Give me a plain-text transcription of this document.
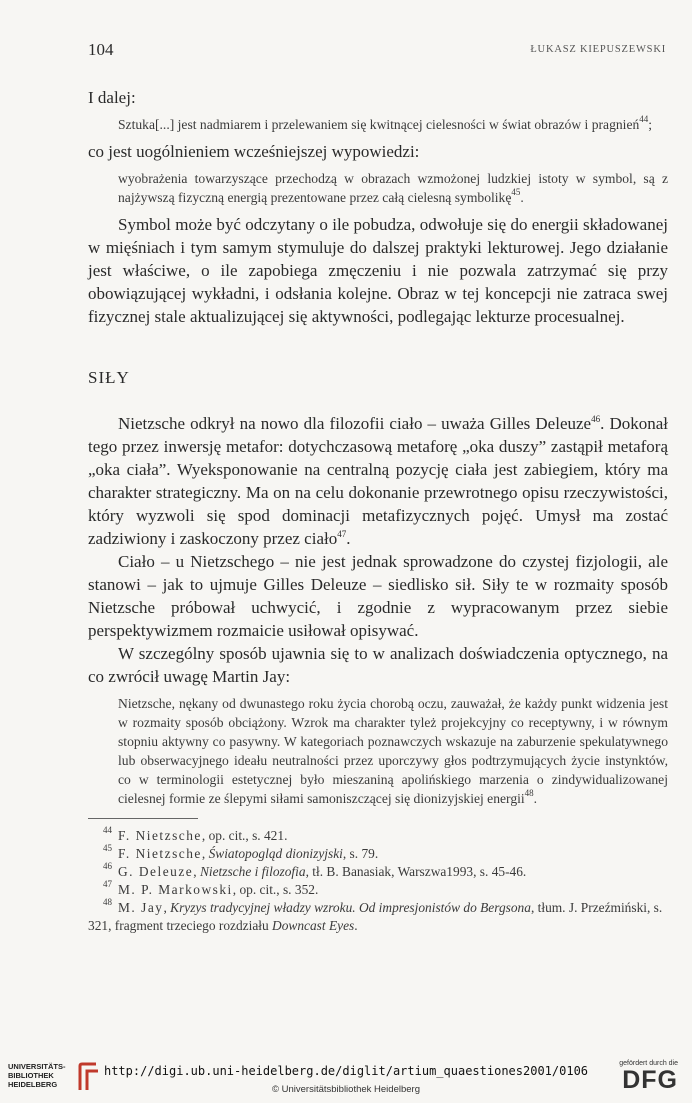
104	ŁUKASZ KIEPUSZEWSKI

I dalej:

Sztuka[...] jest nadmiarem i przelewaniem się kwitnącej cielesności w świat obrazów i pragnień$^{44}$;

co jest uogólnieniem wcześniejszej wypowiedzi:

wyobrażenia towarzyszące przechodzą w obrazach wzmożonej ludzkiej istoty w symbol, są z najżywszą fizyczną energią prezentowane przez całą cielesną symbolikę$^{45}$.

Symbol może być odczytany o ile pobudza, odwołuje się do energii składowanej w mięśniach i tym samym stymuluje do dalszej praktyki lekturowej. Jego działanie jest właściwe, o ile zapobiega zmęczeniu i nie pozwala zatrzymać się przy obowiązującej wykładni, i odsłania kolejne. Obraz w tej koncepcji nie zatraca swej fizycznej stale aktualizującej się aktywności, podlegając lekturze procesualnej.

SIŁY

Nietzsche odkrył na nowo dla filozofii ciało – uważa Gilles Deleuze$^{46}$. Dokonał tego przez inwersję metafor: dotychczasową metaforę „oka duszy” zastąpił metaforą „oka ciała”. Wyeksponowanie na centralną pozycję ciała jest zabiegiem, który ma charakter strategiczny. Ma on na celu dokonanie przewrotnego opisu rzeczywistości, który wyzwoli się spod dominacji metafizycznych pojęć. Umysł ma zostać zadziwiony i zaskoczony przez ciało$^{47}$.

Ciało – u Nietzschego – nie jest jednak sprowadzone do czystej fizjologii, ale stanowi – jak to ujmuje Gilles Deleuze – siedlisko sił. Siły te w rozmaity sposób Nietzsche próbował uchwycić, i zgodnie z wypracowanym przez siebie perspektywizmem rozmaicie usiłował opisywać.

W szczególny sposób ujawnia się to w analizach doświadczenia optycznego, na co zwrócił uwagę Martin Jay:

Nietzsche, nękany od dwunastego roku życia chorobą oczu, zauważał, że każdy punkt widzenia jest w rozmaity sposób obciążony. Wzrok ma charakter tyleż projekcyjny co receptywny, i w równym stopniu aktywny co pasywny. W kategoriach poznawczych wskazuje na zaburzenie spekulatywnego lub obserwacyjnego ideału neutralności przez uporczywy głos podtrzymujących życie instynktów, co w terminologii estetycznej było mieszaniną apolińskiego marzenia o zindywidualizowanej cielesnej formie ze ślepymi siłami samoniszczącej się dionizyjskiej energii$^{48}$.

$^{44}$ F. Nietzsche, op. cit., s. 421.
$^{45}$ F. Nietzsche, Światopogląd dionizyjski, s. 79.
$^{46}$ G. Deleuze, Nietzsche i filozofia, tł. B. Banasiak, Warszwa1993, s. 45-46.
$^{47}$ M. P. Markowski, op. cit., s. 352.
$^{48}$ M. Jay, Kryzys tradycyjnej władzy wzroku. Od impresjonistów do Bergsona, tłum. J. Przeźmiński, s. 321, fragment trzeciego rozdziału Downcast Eyes.
UNIVERSITÄTS-
BIBLIOTHEK
HEIDELBERG
http://digi.ub.uni-heidelberg.de/diglit/artium_quaestiones2001/0106
© Universitätsbibliothek Heidelberg
gefördert durch die
DFG
